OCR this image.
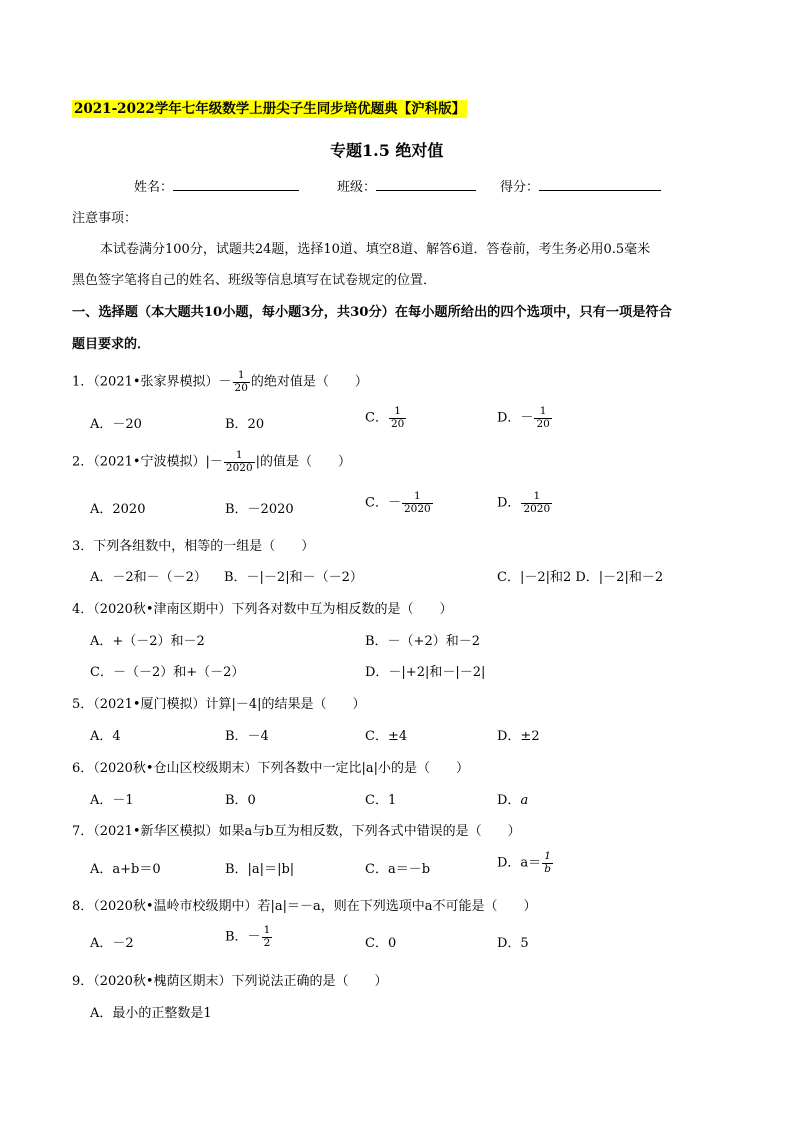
2021-2022学年七年级数学上册尖子生同步培优题典【沪科版】
专题1.5 绝对值
姓名：	班级：	得分：
注意事项：
本试卷满分100分，试题共24题，选择10道、填空8道、解答6道．答卷前，考生务必用0.5毫米
黑色签字笔将自己的姓名、班级等信息填写在试卷规定的位置．
一、选择题（本大题共10小题，每小题3分，共30分）在每小题所给出的四个选项中，只有一项是符合
题目要求的．
1．（2021•张家界模拟）－ $\frac{1}{20}$ 的绝对值是（　　）
A．－20	B．20	C． $\frac{1}{20}$	D．－ $\frac{1}{20}$
2．（2021•宁波模拟）|－ $\frac{1}{2020}$ |的值是（　　）
A．2020	B．－2020	C．－ $\frac{1}{2020}$	D． $\frac{1}{2020}$
3．下列各组数中，相等的一组是（　　）
A．－2和－（－2） B．－|－2|和－（－2）	C．|－2|和2 D．|－2|和－2
4．（2020秋•津南区期中）下列各对数中互为相反数的是（　　）
A．+（－2）和－2	B．－（+2）和－2
C．－（－2）和+（－2）	D．－|+2|和－|－2|
5．（2021•厦门模拟）计算|－4|的结果是（　　）
A．4	B．－4	C．±4	D．±2
6．（2020秋•仓山区校级期末）下列各数中一定比|a|小的是（　　）
A．－1	B．0	C．1	D．a
7．（2021•新华区模拟）如果a与b互为相反数，下列各式中错误的是（　　）
A．a+b＝0	B．|a|＝|b|	C．a＝－b	D．$a= \frac{1}{b}$
8．（2020秋•温岭市校级期中）若|a|＝－a，则在下列选项中a不可能是（　　）
A．－2	B．－ $\frac{1}{2}$	C．0	D．5
9．（2020秋•槐荫区期末）下列说法正确的是（　　）
A．最小的正整数是1
